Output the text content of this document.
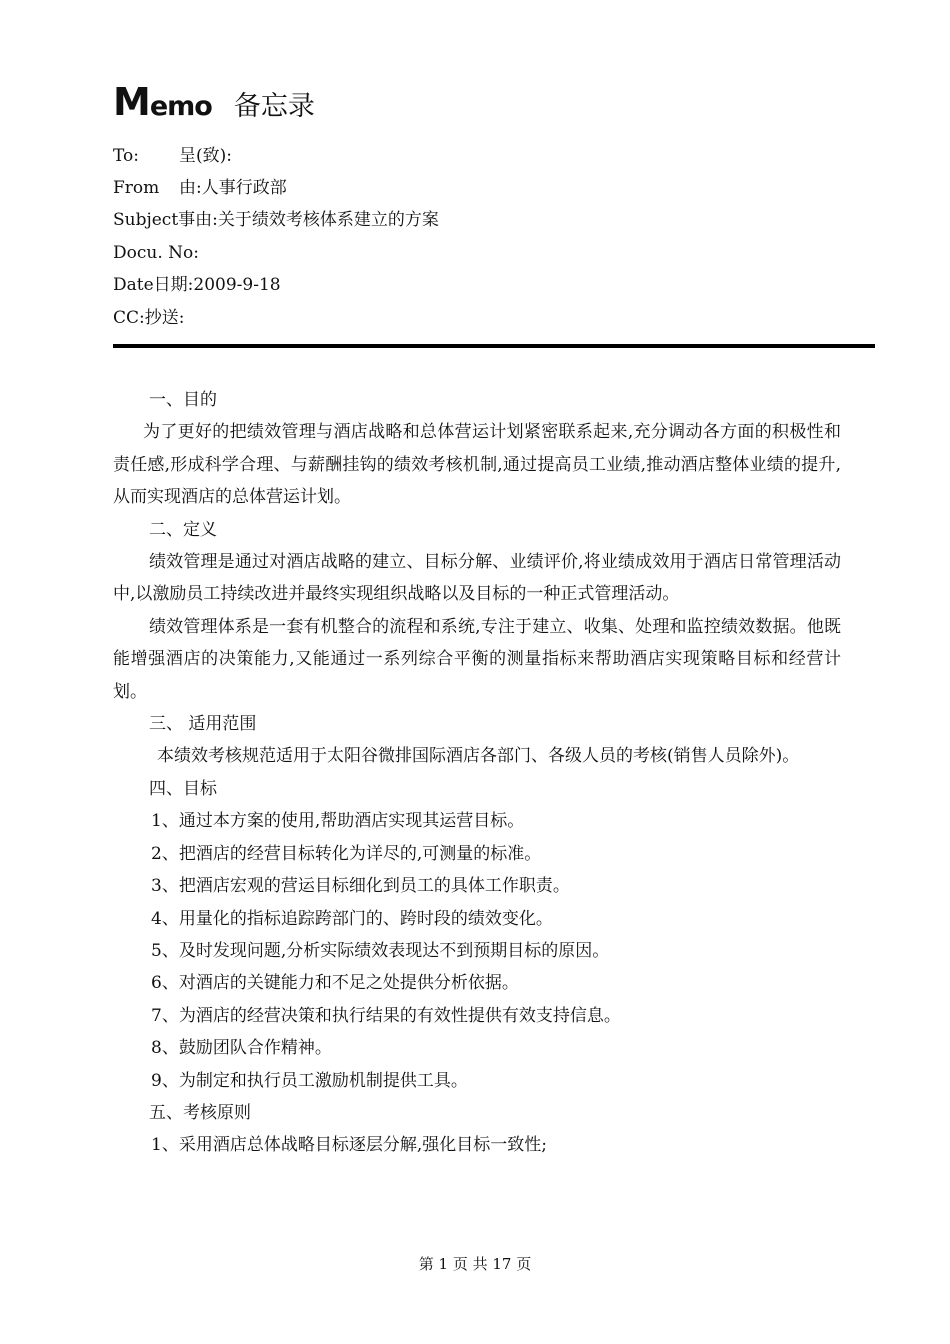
Memo 备忘录
To: 呈(致):
From 由:人事行政部
Subject事由:关于绩效考核体系建立的方案
Docu. No:
Date日期:2009-9-18
CC:抄送:

一、目的

为了更好的把绩效管理与酒店战略和总体营运计划紧密联系起来,充分调动各方面的积极性和责任感,形成科学合理、与薪酬挂钩的绩效考核机制,通过提高员工业绩,推动酒店整体业绩的提升,从而实现酒店的总体营运计划。

二、定义

绩效管理是通过对酒店战略的建立、目标分解、业绩评价,将业绩成效用于酒店日常管理活动中,以激励员工持续改进并最终实现组织战略以及目标的一种正式管理活动。

绩效管理体系是一套有机整合的流程和系统,专注于建立、收集、处理和监控绩效数据。他既能增强酒店的决策能力,又能通过一系列综合平衡的测量指标来帮助酒店实现策略目标和经营计划。

三、 适用范围

本绩效考核规范适用于太阳谷微排国际酒店各部门、各级人员的考核(销售人员除外)。

四、目标

1、通过本方案的使用,帮助酒店实现其运营目标。

2、把酒店的经营目标转化为详尽的,可测量的标准。

3、把酒店宏观的营运目标细化到员工的具体工作职责。

4、用量化的指标追踪跨部门的、跨时段的绩效变化。

5、及时发现问题,分析实际绩效表现达不到预期目标的原因。

6、对酒店的关键能力和不足之处提供分析依据。

7、为酒店的经营决策和执行结果的有效性提供有效支持信息。

8、鼓励团队合作精神。

9、为制定和执行员工激励机制提供工具。

五、考核原则

1、采用酒店总体战略目标逐层分解,强化目标一致性;

第 1 页 共 17 页
